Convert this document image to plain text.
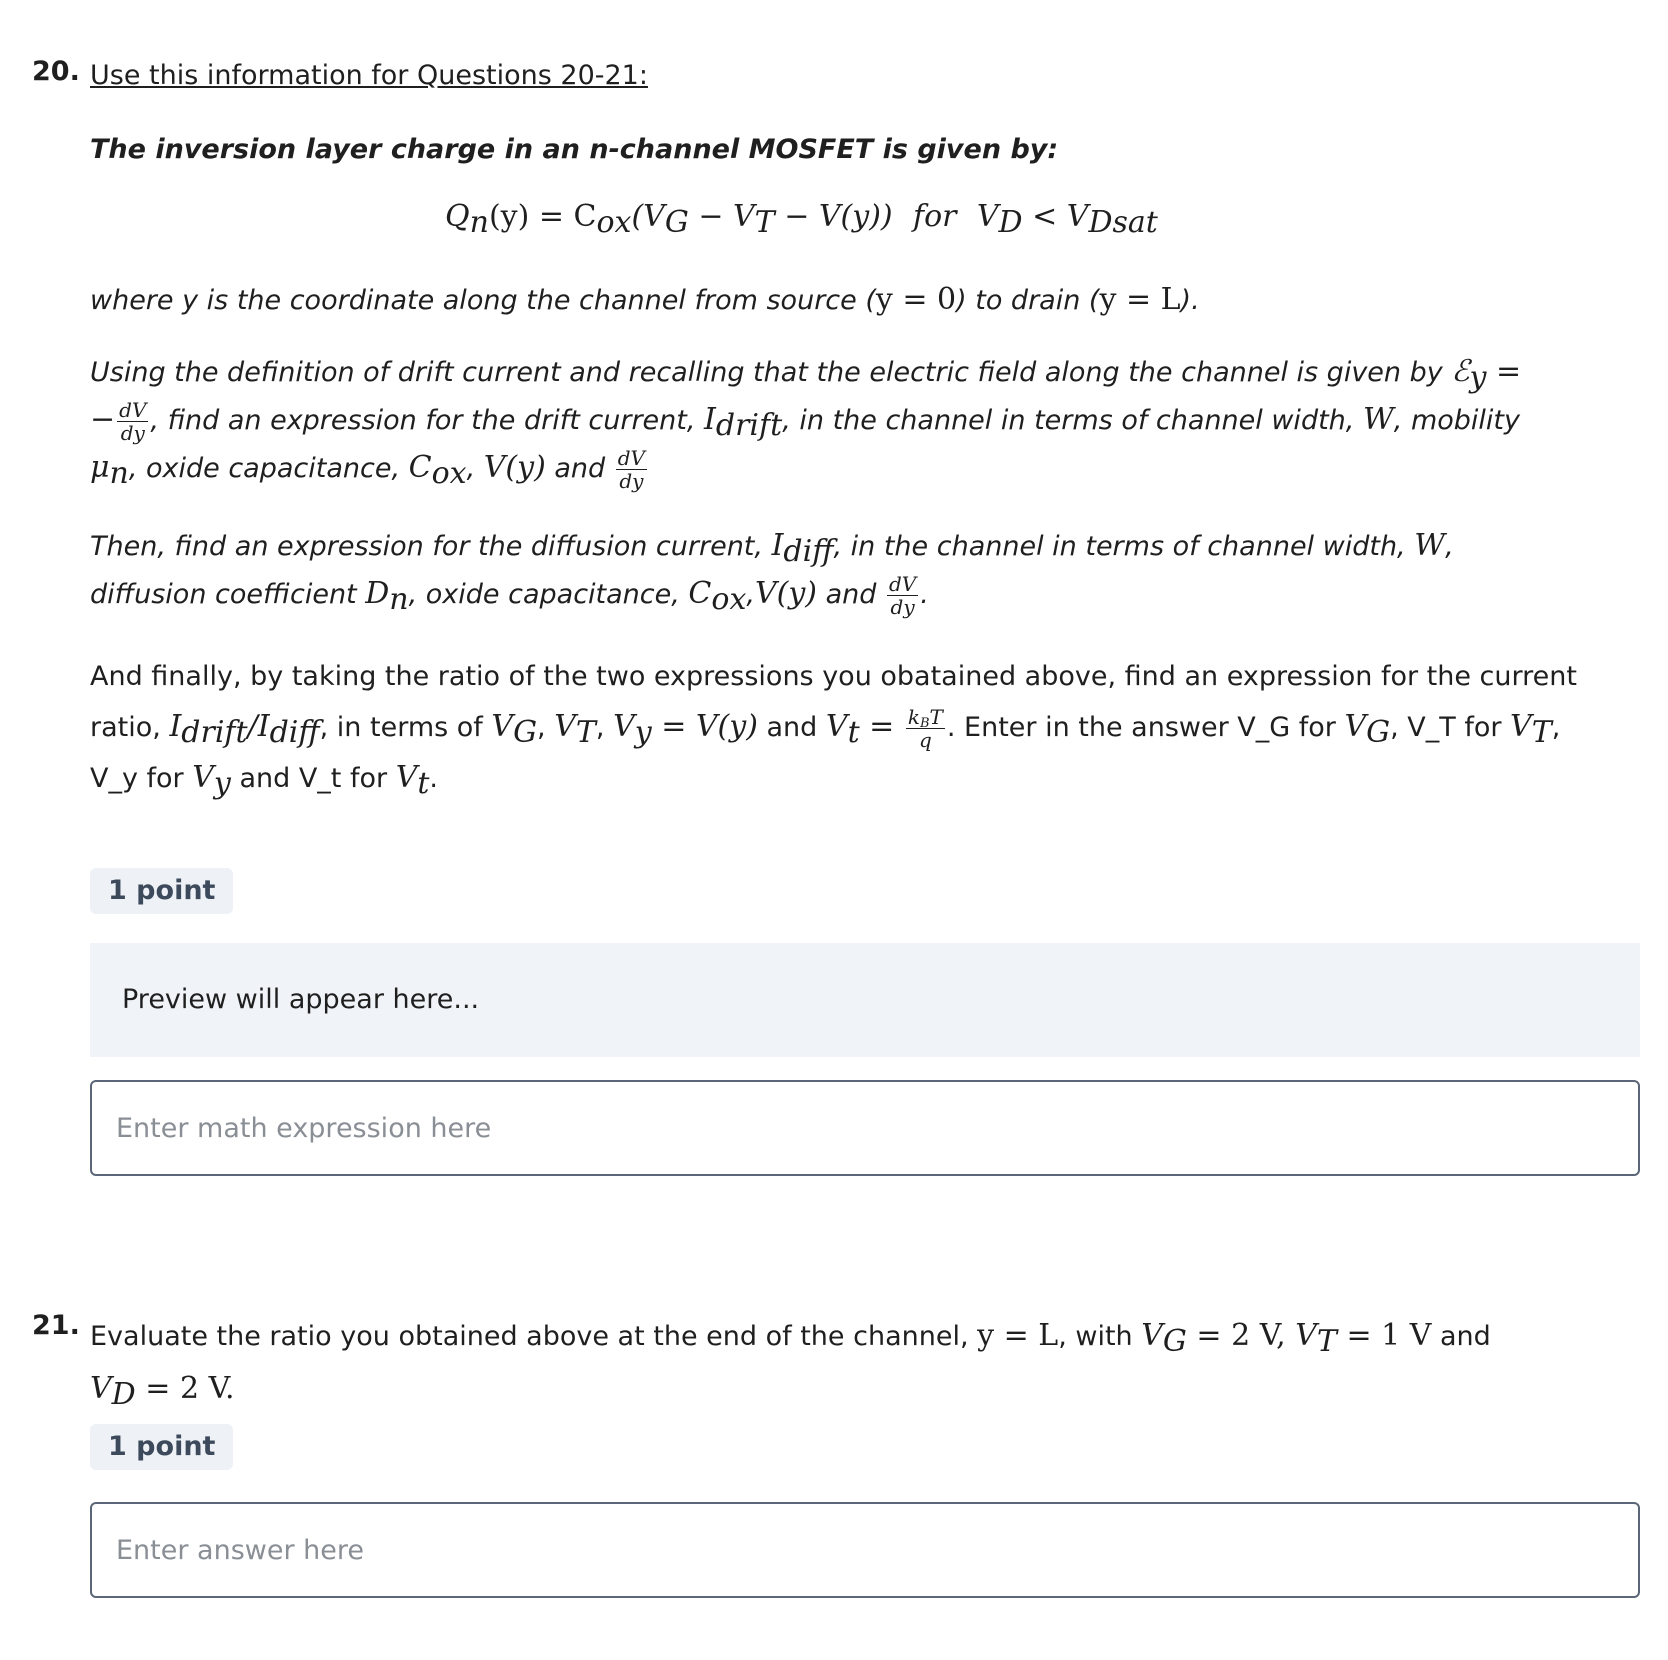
20. Use this information for Questions 20-21:
The inversion layer charge in an n-channel MOSFET is given by:
$Q_n(y) = C_{ox}(V_G - V_T - V(y))$ for $V_D < V_{Dsat}$
where y is the coordinate along the channel from source (y = 0) to drain (y = L).
Using the definition of drift current and recalling that the electric field along the channel is given by ℰ$_y$ = − $\frac{dV}{dy}$ , find an expression for the drift current, $I_{drift}$, in the channel in terms of channel width, W, mobility $\mu_n$, oxide capacitance, $C_{ox}$, V(y) and $\frac{dV}{dy}$
Then, find an expression for the diffusion current, $I_{diff}$, in the channel in terms of channel width, W, diffusion coefficient $D_n$, oxide capacitance, $C_{ox},V(y)$ and $\frac{dV}{dy}$ .
And finally, by taking the ratio of the two expressions you obatained above, find an expression for the current ratio, $I_{drift}/I_{diff}$, in terms of $V_G$, $V_T$, $V_y = V(y)$ and $V_t = \frac{k_BT}{q}$ . Enter in the answer V_G for $V_G$, V_T for $V_T$, V_y for $V_y$ and V_t for $V_t$.
1 point
Preview will appear here...
Enter math expression here
21. Evaluate the ratio you obtained above at the end of the channel, y = L, with $V_G = 2$ V, $V_T = 1$ V and $V_D = 2$ V.
1 point
Enter answer here
